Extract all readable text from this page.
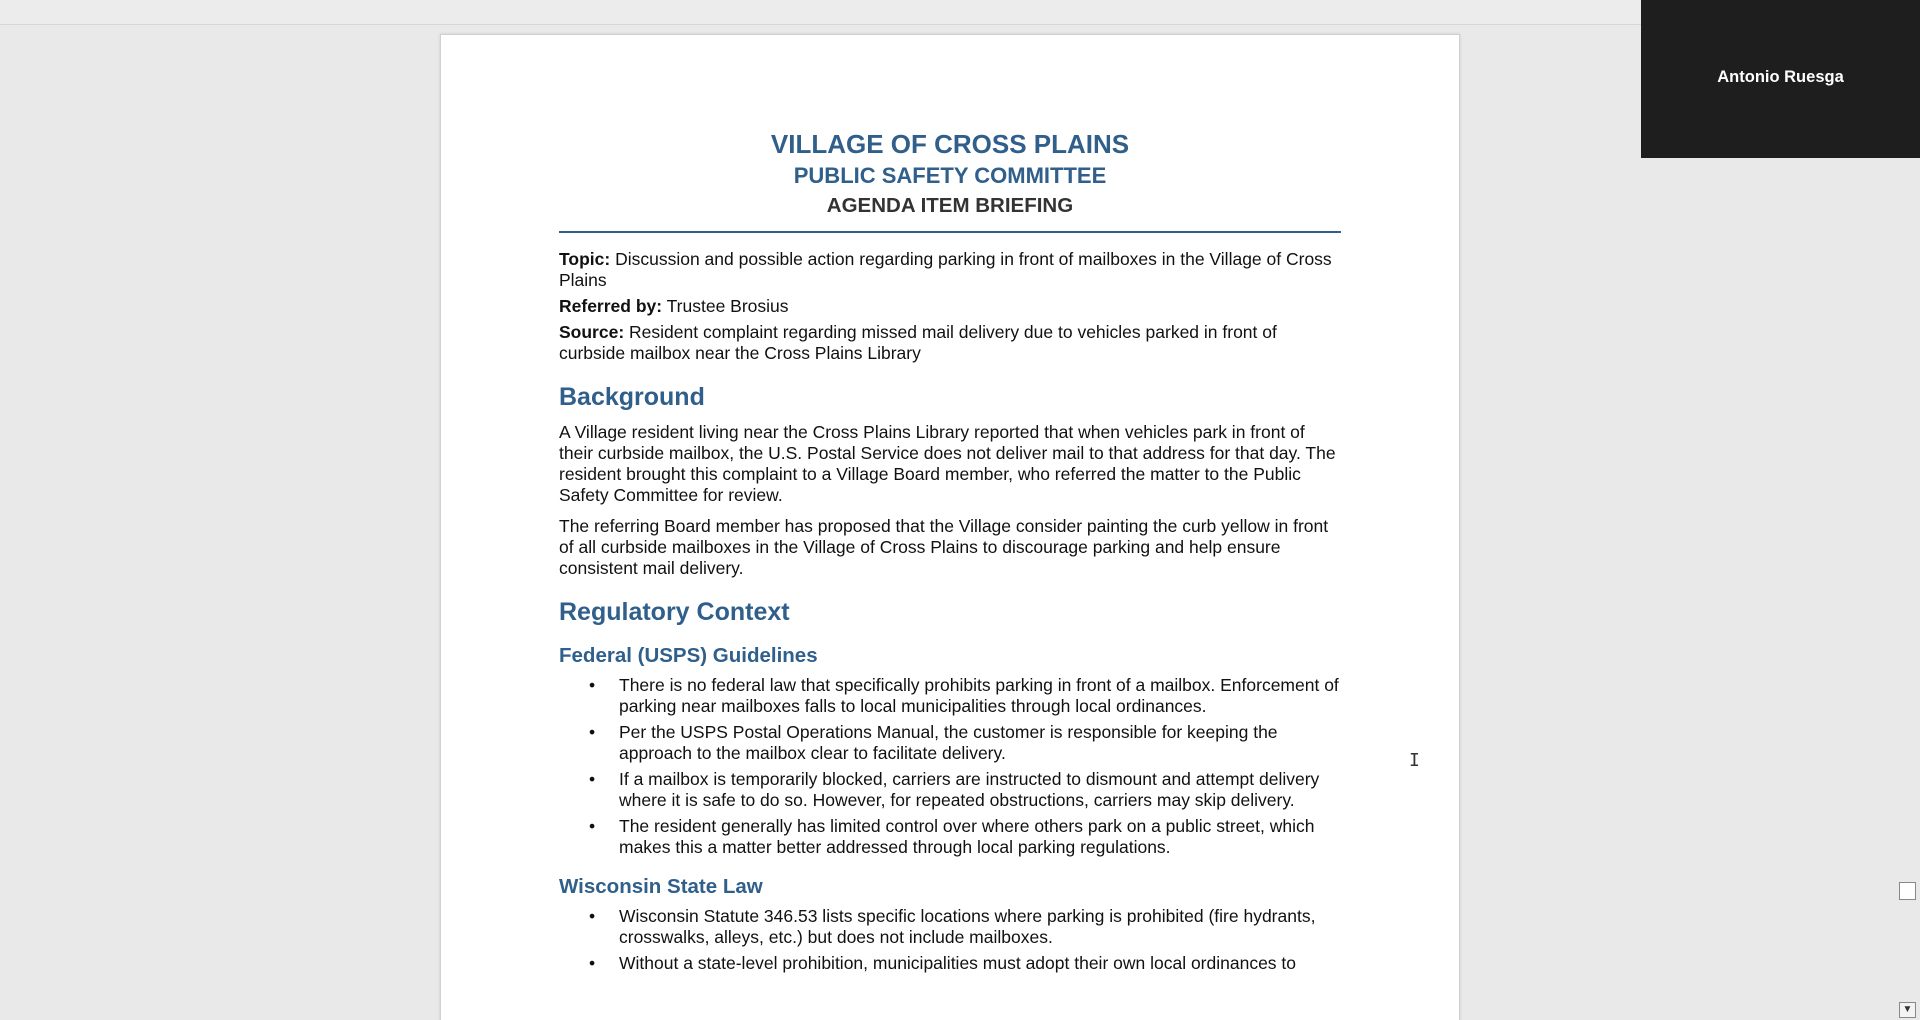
VILLAGE OF CROSS PLAINS
PUBLIC SAFETY COMMITTEE
AGENDA ITEM BRIEFING

Topic: Discussion and possible action regarding parking in front of mailboxes in the Village of Cross Plains

Referred by: Trustee Brosius

Source: Resident complaint regarding missed mail delivery due to vehicles parked in front of curbside mailbox near the Cross Plains Library

Background

A Village resident living near the Cross Plains Library reported that when vehicles park in front of their curbside mailbox, the U.S. Postal Service does not deliver mail to that address for that day. The resident brought this complaint to a Village Board member, who referred the matter to the Public Safety Committee for review.

The referring Board member has proposed that the Village consider painting the curb yellow in front of all curbside mailboxes in the Village of Cross Plains to discourage parking and help ensure consistent mail delivery.

Regulatory Context
Federal (USPS) Guidelines
• There is no federal law that specifically prohibits parking in front of a mailbox. Enforcement of parking near mailboxes falls to local municipalities through local ordinances.
• Per the USPS Postal Operations Manual, the customer is responsible for keeping the approach to the mailbox clear to facilitate delivery.
• If a mailbox is temporarily blocked, carriers are instructed to dismount and attempt delivery where it is safe to do so. However, for repeated obstructions, carriers may skip delivery.
• The resident generally has limited control over where others park on a public street, which makes this a matter better addressed through local parking regulations.
Wisconsin State Law
• Wisconsin Statute 346.53 lists specific locations where parking is prohibited (fire hydrants, crosswalks, alleys, etc.) but does not include mailboxes.
• Without a state-level prohibition, municipalities must adopt their own local ordinances to
Antonio Ruesga
▼
I
